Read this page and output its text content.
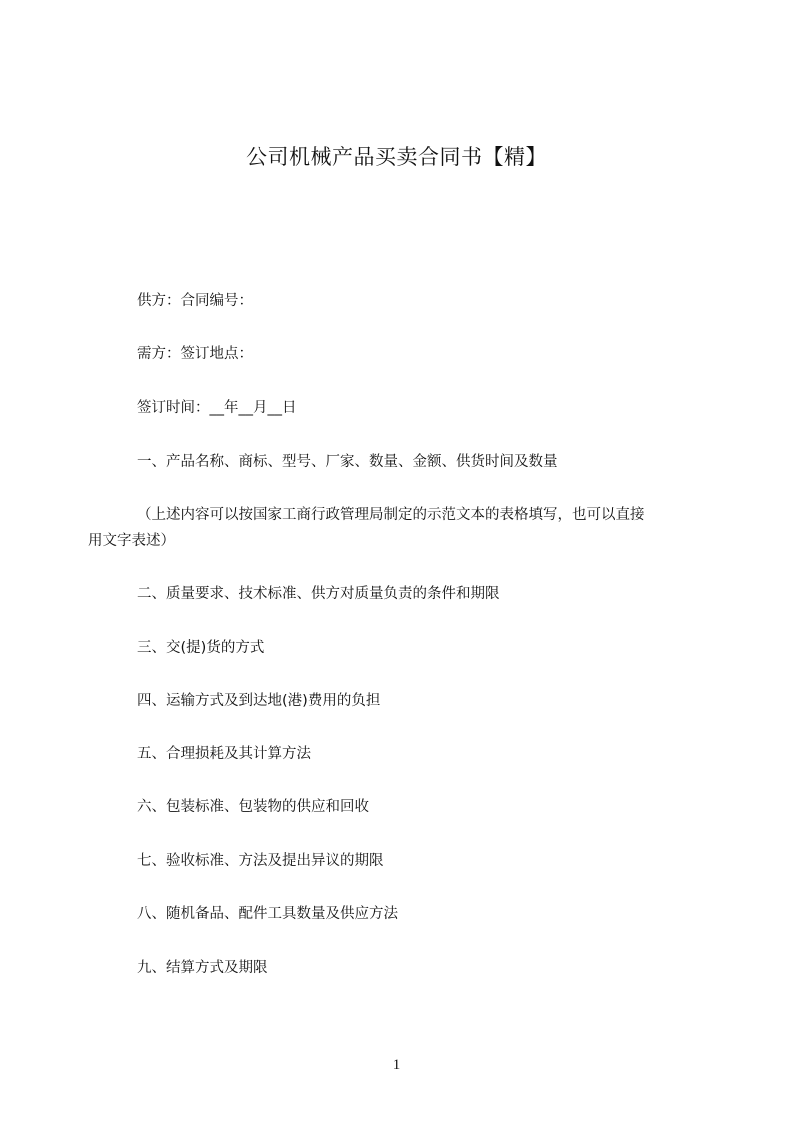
公司机械产品买卖合同书【精】
供方：合同编号：
需方：签订地点：
签订时间：__年__月__日
一、产品名称、商标、型号、厂家、数量、金额、供货时间及数量
（上述内容可以按国家工商行政管理局制定的示范文本的表格填写，也可以直接
用文字表述）
二、质量要求、技术标准、供方对质量负责的条件和期限
三、交(提)货的方式
四、运输方式及到达地(港)费用的负担
五、合理损耗及其计算方法
六、包装标准、包装物的供应和回收
七、验收标准、方法及提出异议的期限
八、随机备品、配件工具数量及供应方法
九、结算方式及期限
1
